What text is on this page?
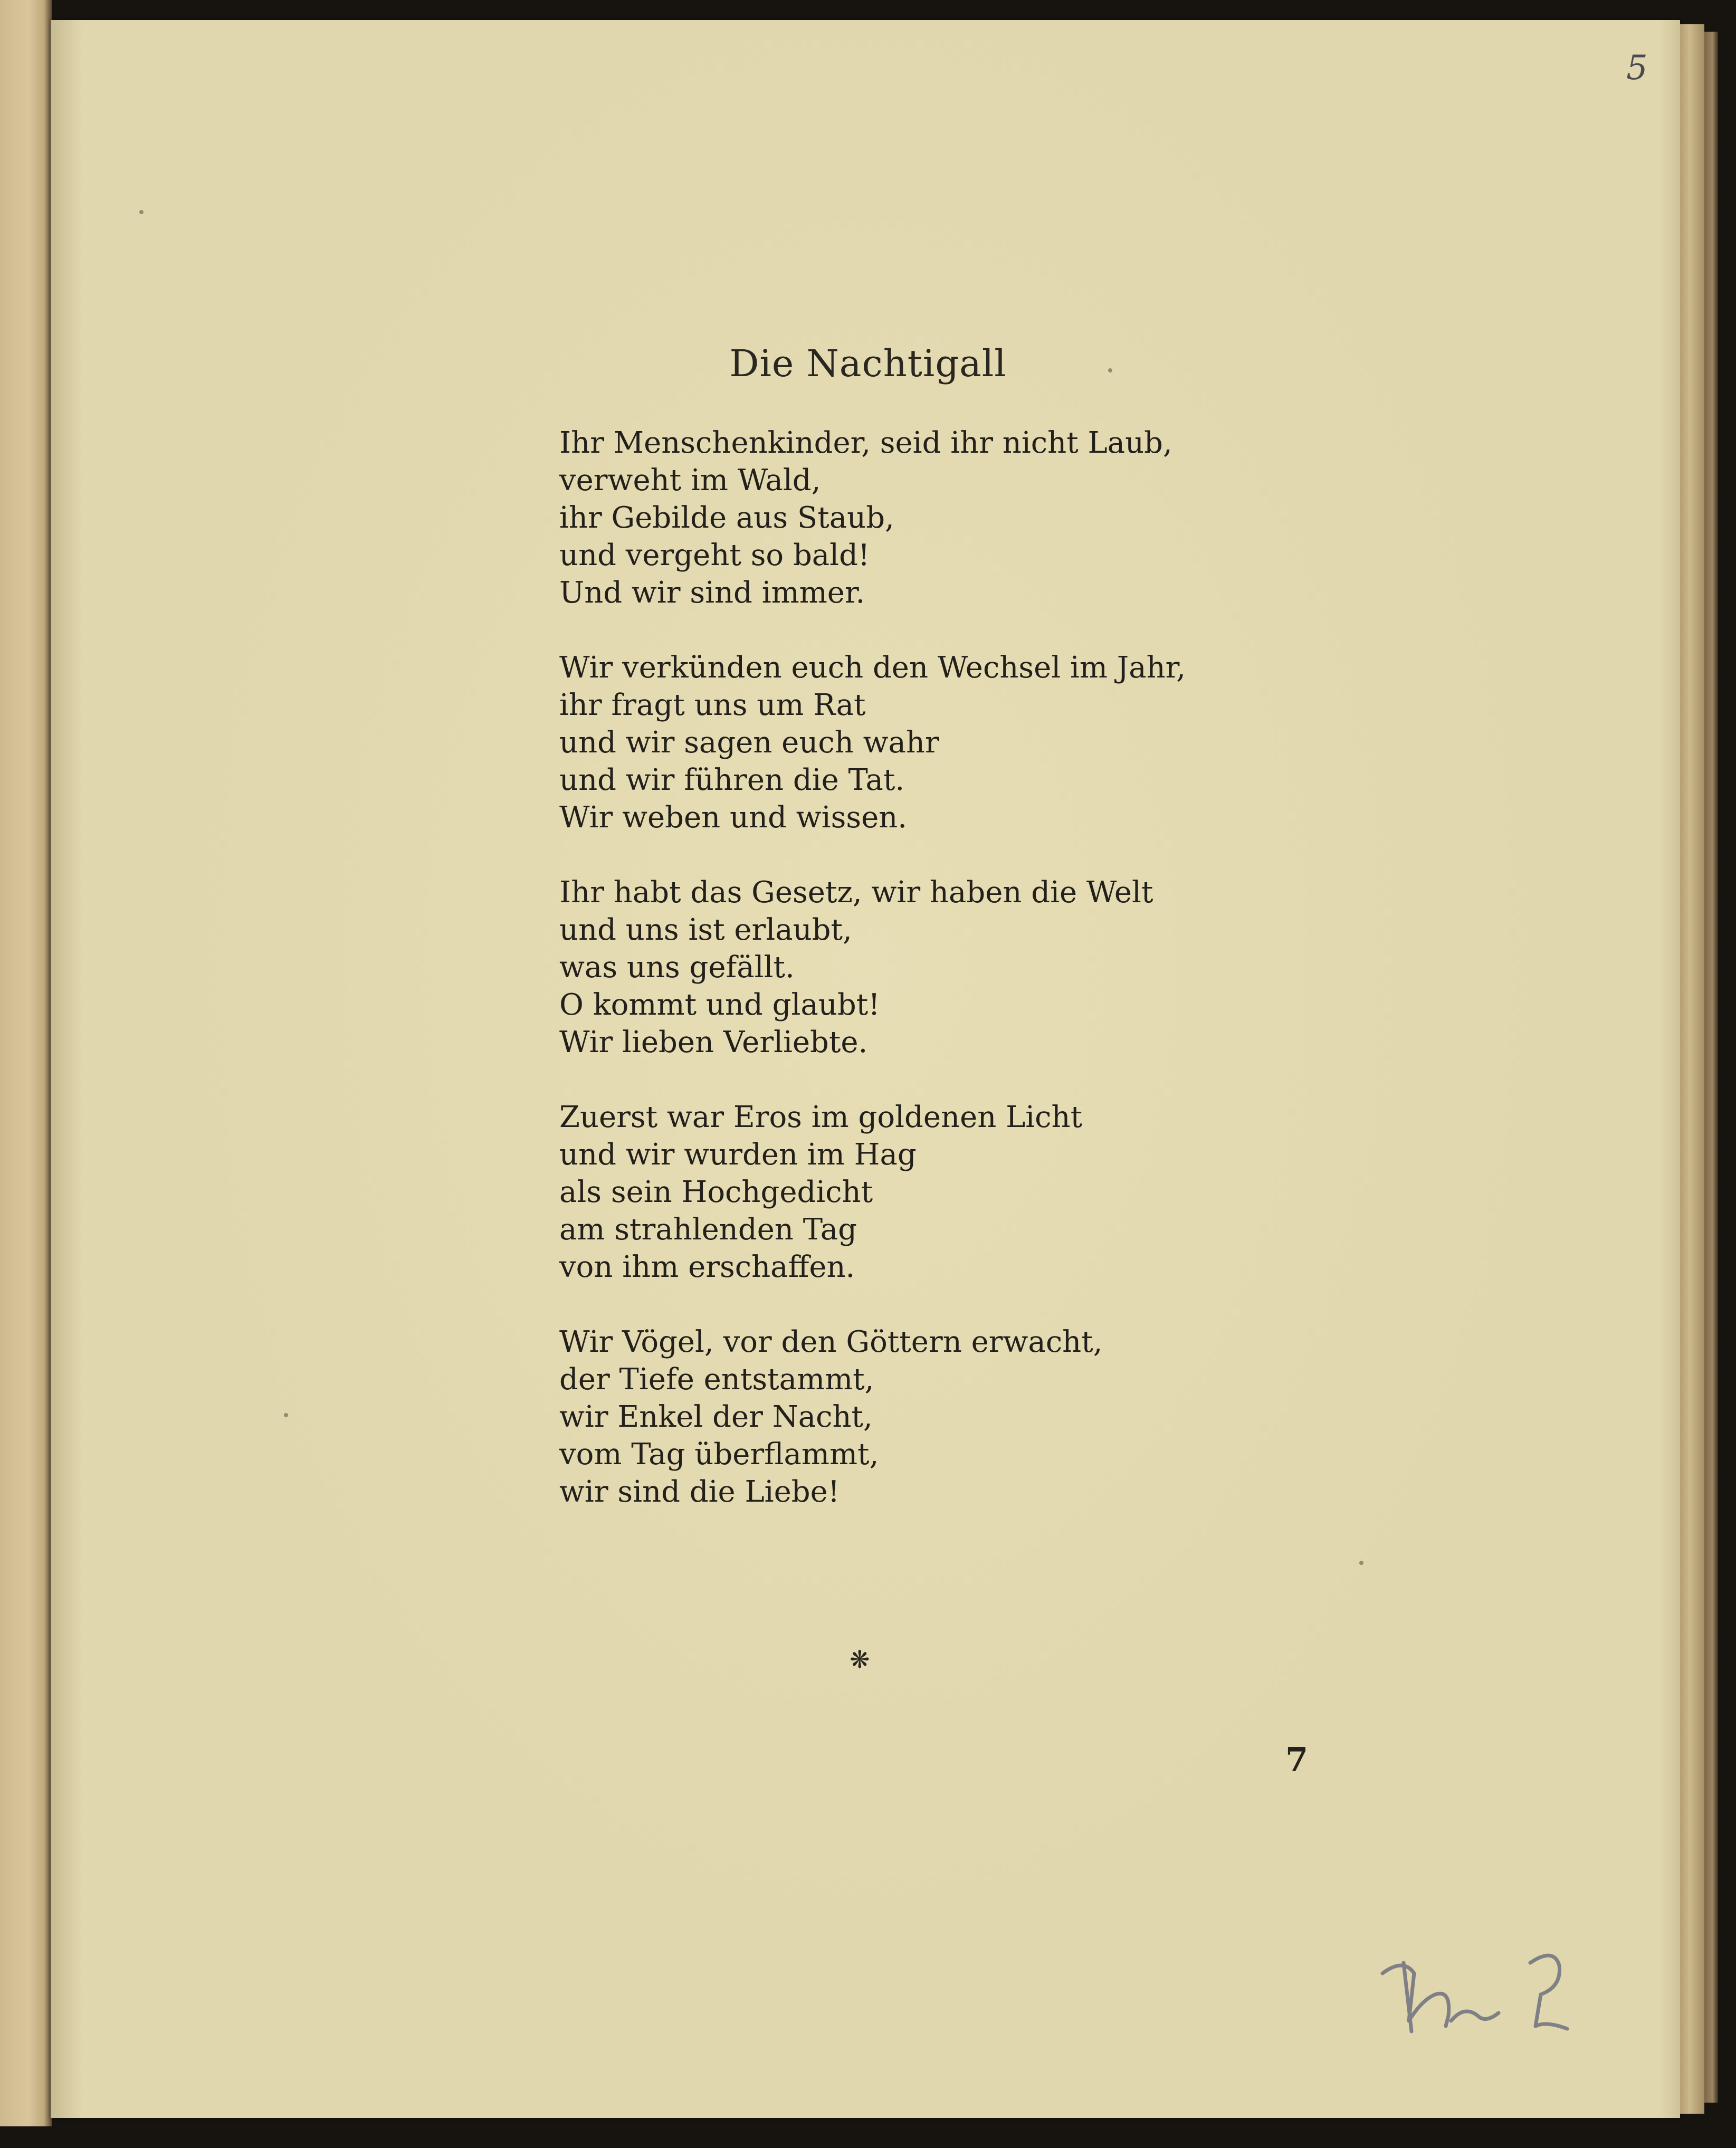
5
Die Nachtigall

Ihr Menschenkinder, seid ihr nicht Laub,
verweht im Wald,
ihr Gebilde aus Staub,
und vergeht so bald!
Und wir sind immer.

Wir verkünden euch den Wechsel im Jahr,
ihr fragt uns um Rat
und wir sagen euch wahr
und wir führen die Tat.
Wir weben und wissen.

Ihr habt das Gesetz, wir haben die Welt
und uns ist erlaubt,
was uns gefällt.
O kommt und glaubt!
Wir lieben Verliebte.

Zuerst war Eros im goldenen Licht
und wir wurden im Hag
als sein Hochgedicht
am strahlenden Tag
von ihm erschaffen.

Wir Vögel, vor den Göttern erwacht,
der Tiefe entstammt,
wir Enkel der Nacht,
vom Tag überflammt,
wir sind die Liebe!

❋
7
